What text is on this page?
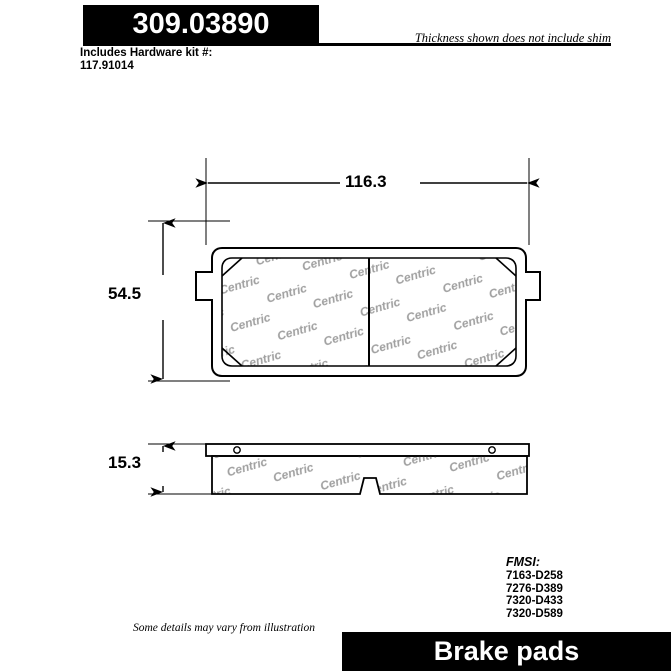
309.03890	Thickness shown does not include shim
Includes Hardware kit #:
117.91014
116.3
54.5
15.3
FMSI:
7163-D258
7276-D389
7320-D433
7320-D589
Some details may vary from illustration
Brake pads
